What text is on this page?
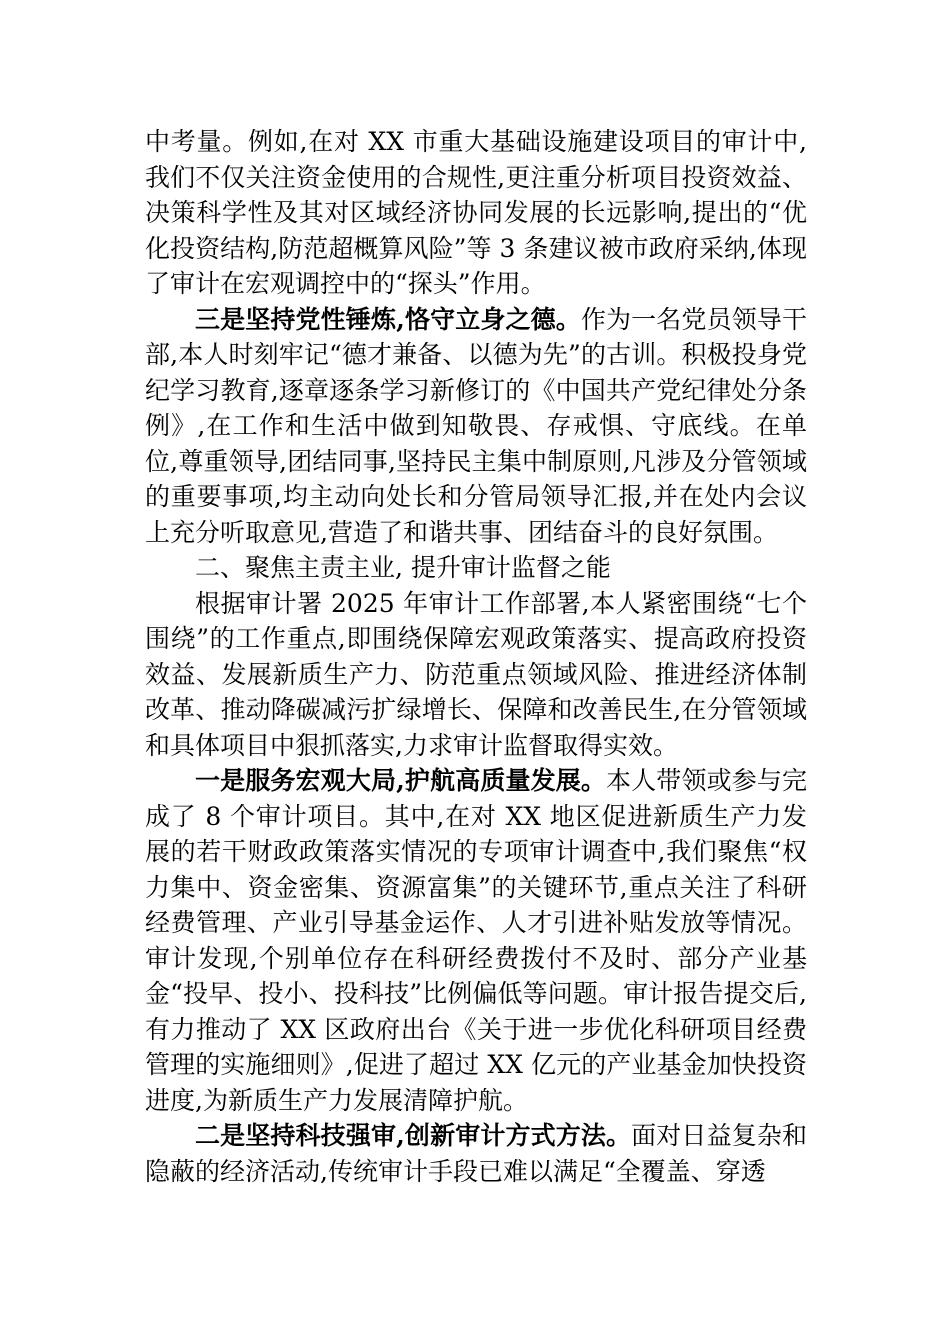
中考量。例如,在对 XX 市重大基础设施建设项目的审计中,我们不仅关注资金使用的合规性,更注重分析项目投资效益、决策科学性及其对区域经济协同发展的长远影响,提出的“优化投资结构,防范超概算风险”等 3 条建议被市政府采纳,体现了审计在宏观调控中的“探头”作用。

三是坚持党性锤炼,恪守立身之德。作为一名党员领导干部,本人时刻牢记“德才兼备、以德为先”的古训。积极投身党纪学习教育,逐章逐条学习新修订的《中国共产党纪律处分条例》,在工作和生活中做到知敬畏、存戒惧、守底线。在单位,尊重领导,团结同事,坚持民主集中制原则,凡涉及分管领域的重要事项,均主动向处长和分管局领导汇报,并在处内会议上充分听取意见,营造了和谐共事、团结奋斗的良好氛围。

二、聚焦主责主业, 提升审计监督之能

根据审计署 2025 年审计工作部署,本人紧密围绕“七个围绕”的工作重点,即围绕保障宏观政策落实、提高政府投资效益、发展新质生产力、防范重点领域风险、推进经济体制改革、推动降碳减污扩绿增长、保障和改善民生,在分管领域和具体项目中狠抓落实,力求审计监督取得实效。

一是服务宏观大局,护航高质量发展。本人带领或参与完成了 8 个审计项目。其中,在对 XX 地区促进新质生产力发展的若干财政政策落实情况的专项审计调查中,我们聚焦“权力集中、资金密集、资源富集”的关键环节,重点关注了科研经费管理、产业引导基金运作、人才引进补贴发放等情况。审计发现,个别单位存在科研经费拨付不及时、部分产业基金“投早、投小、投科技”比例偏低等问题。审计报告提交后,有力推动了 XX 区政府出台《关于进一步优化科研项目经费管理的实施细则》,促进了超过 XX 亿元的产业基金加快投资进度,为新质生产力发展清障护航。

二是坚持科技强审,创新审计方式方法。面对日益复杂和隐蔽的经济活动,传统审计手段已难以满足“全覆盖、穿透
